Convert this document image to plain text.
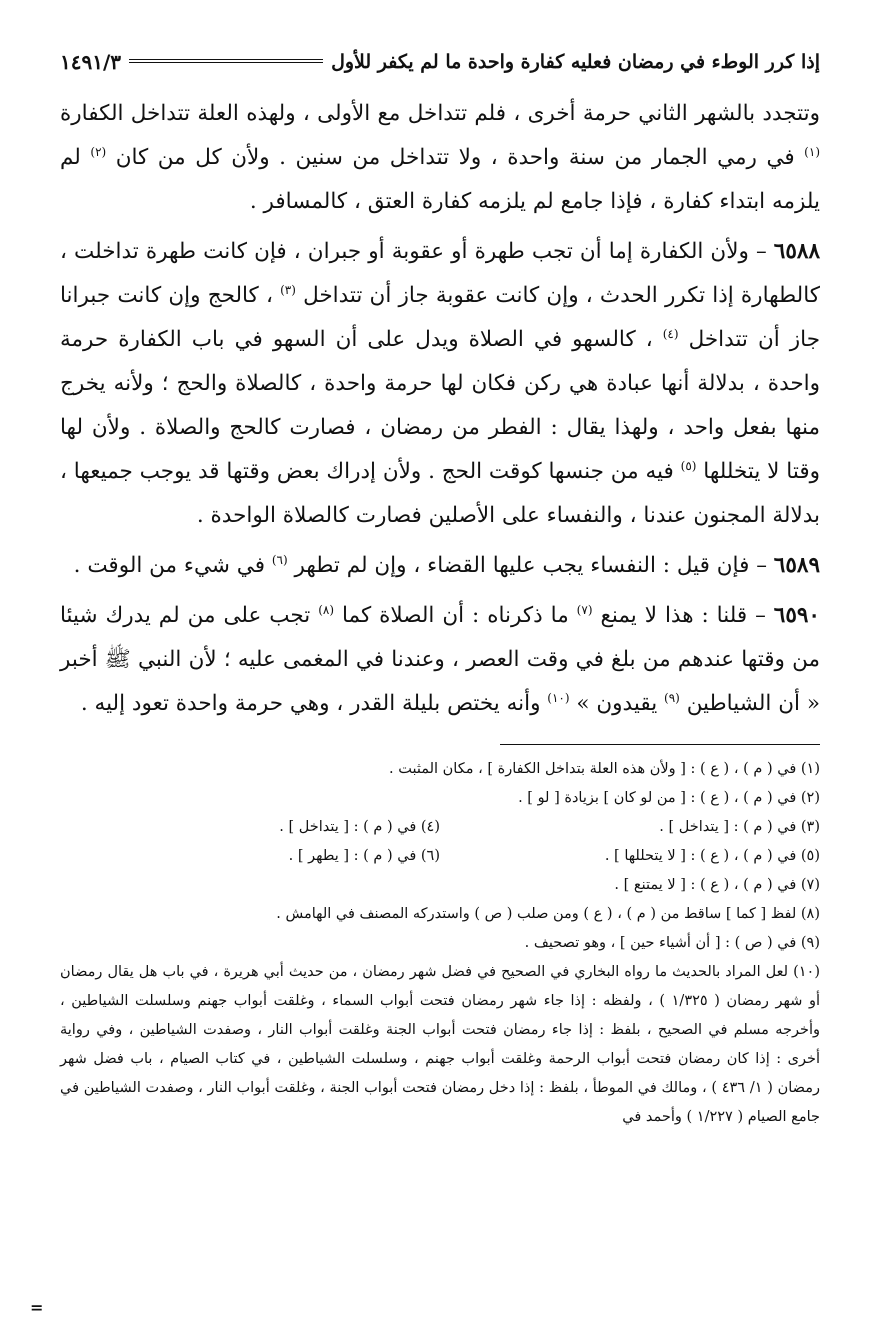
إذا كرر الوطء في رمضان فعليه كفارة واحدة ما لم يكفر للأول
١٤٩١/٣

وتتجدد بالشهر الثاني حرمة أخرى ، فلم تتداخل مع الأولى ، ولهذه العلة تتداخل الكفارة $^{(١)}$ في رمي الجمار من سنة واحدة ، ولا تتداخل من سنين . ولأن كل من كان $^{(٢)}$ لم يلزمه ابتداء كفارة ، فإذا جامع لم يلزمه كفارة العتق ، كالمسافر .

٦٥٨٨ – ولأن الكفارة إما أن تجب طهرة أو عقوبة أو جبران ، فإن كانت طهرة تداخلت ، كالطهارة إذا تكرر الحدث ، وإن كانت عقوبة جاز أن تتداخل $^{(٣)}$ ، كالحج وإن كانت جبرانا جاز أن تتداخل $^{(٤)}$ ، كالسهو في الصلاة ويدل على أن السهو في باب الكفارة حرمة واحدة ، بدلالة أنها عبادة هي ركن فكان لها حرمة واحدة ، كالصلاة والحج ؛ ولأنه يخرج منها بفعل واحد ، ولهذا يقال : الفطر من رمضان ، فصارت كالحج والصلاة . ولأن لها وقتا لا يتخللها $^{(٥)}$ فيه من جنسها كوقت الحج . ولأن إدراك بعض وقتها قد يوجب جميعها ، بدلالة المجنون عندنا ، والنفساء على الأصلين فصارت كالصلاة الواحدة .

٦٥٨٩ – فإن قيل : النفساء يجب عليها القضاء ، وإن لم تطهر $^{(٦)}$ في شيء من الوقت .

٦٥٩٠ – قلنا : هذا لا يمنع $^{(٧)}$ ما ذكرناه : أن الصلاة كما $^{(٨)}$ تجب على من لم يدرك شيئا من وقتها عندهم من بلغ في وقت العصر ، وعندنا في المغمى عليه ؛ لأن النبي ﷺ أخبر « أن الشياطين $^{(٩)}$ يقيدون » $^{(١٠)}$ وأنه يختص بليلة القدر ، وهي حرمة واحدة تعود إليه .

(١) في ( م ) ، ( ع ) : [ ولأن هذه العلة بتداخل الكفارة ] ، مكان المثبت .

(٢) في ( م ) ، ( ع ) : [ من لو كان ] بزيادة [ لو ] .

(٣) في ( م ) : [ يتداخل ] .

(٤) في ( م ) : [ يتداخل ] .

(٥) في ( م ) ، ( ع ) : [ لا يتحللها ] .

(٦) في ( م ) : [ يطهر ] .

(٧) في ( م ) ، ( ع ) : [ لا يمتنع ] .

(٨) لفظ [ كما ] ساقط من ( م ) ، ( ع ) ومن صلب ( ص ) واستدركه المصنف في الهامش .

(٩) في ( ص ) : [ أن أشياء حين ] ، وهو تصحيف .

(١٠) لعل المراد بالحديث ما رواه البخاري في الصحيح في فضل شهر رمضان ، من حديث أبي هريرة ، في باب هل يقال رمضان أو شهر رمضان ( ١/٣٢٥ ) ، ولفظه : إذا جاء شهر رمضان فتحت أبواب السماء ، وغلقت أبواب جهنم وسلسلت الشياطين ، وأخرجه مسلم في الصحيح ، بلفظ : إذا جاء رمضان فتحت أبواب الجنة وغلقت أبواب النار ، وصفدت الشياطين ، وفي رواية أخرى : إذا كان رمضان فتحت أبواب الرحمة وغلقت أبواب جهنم ، وسلسلت الشياطين ، في كتاب الصيام ، باب فضل شهر رمضان ( ١/ ٤٣٦ ) ، ومالك في الموطأ ، بلفظ : إذا دخل رمضان فتحت أبواب الجنة ، وغلقت أبواب النار ، وصفدت الشياطين في جامع الصيام ( ١/٢٢٧ ) وأحمد في

=
